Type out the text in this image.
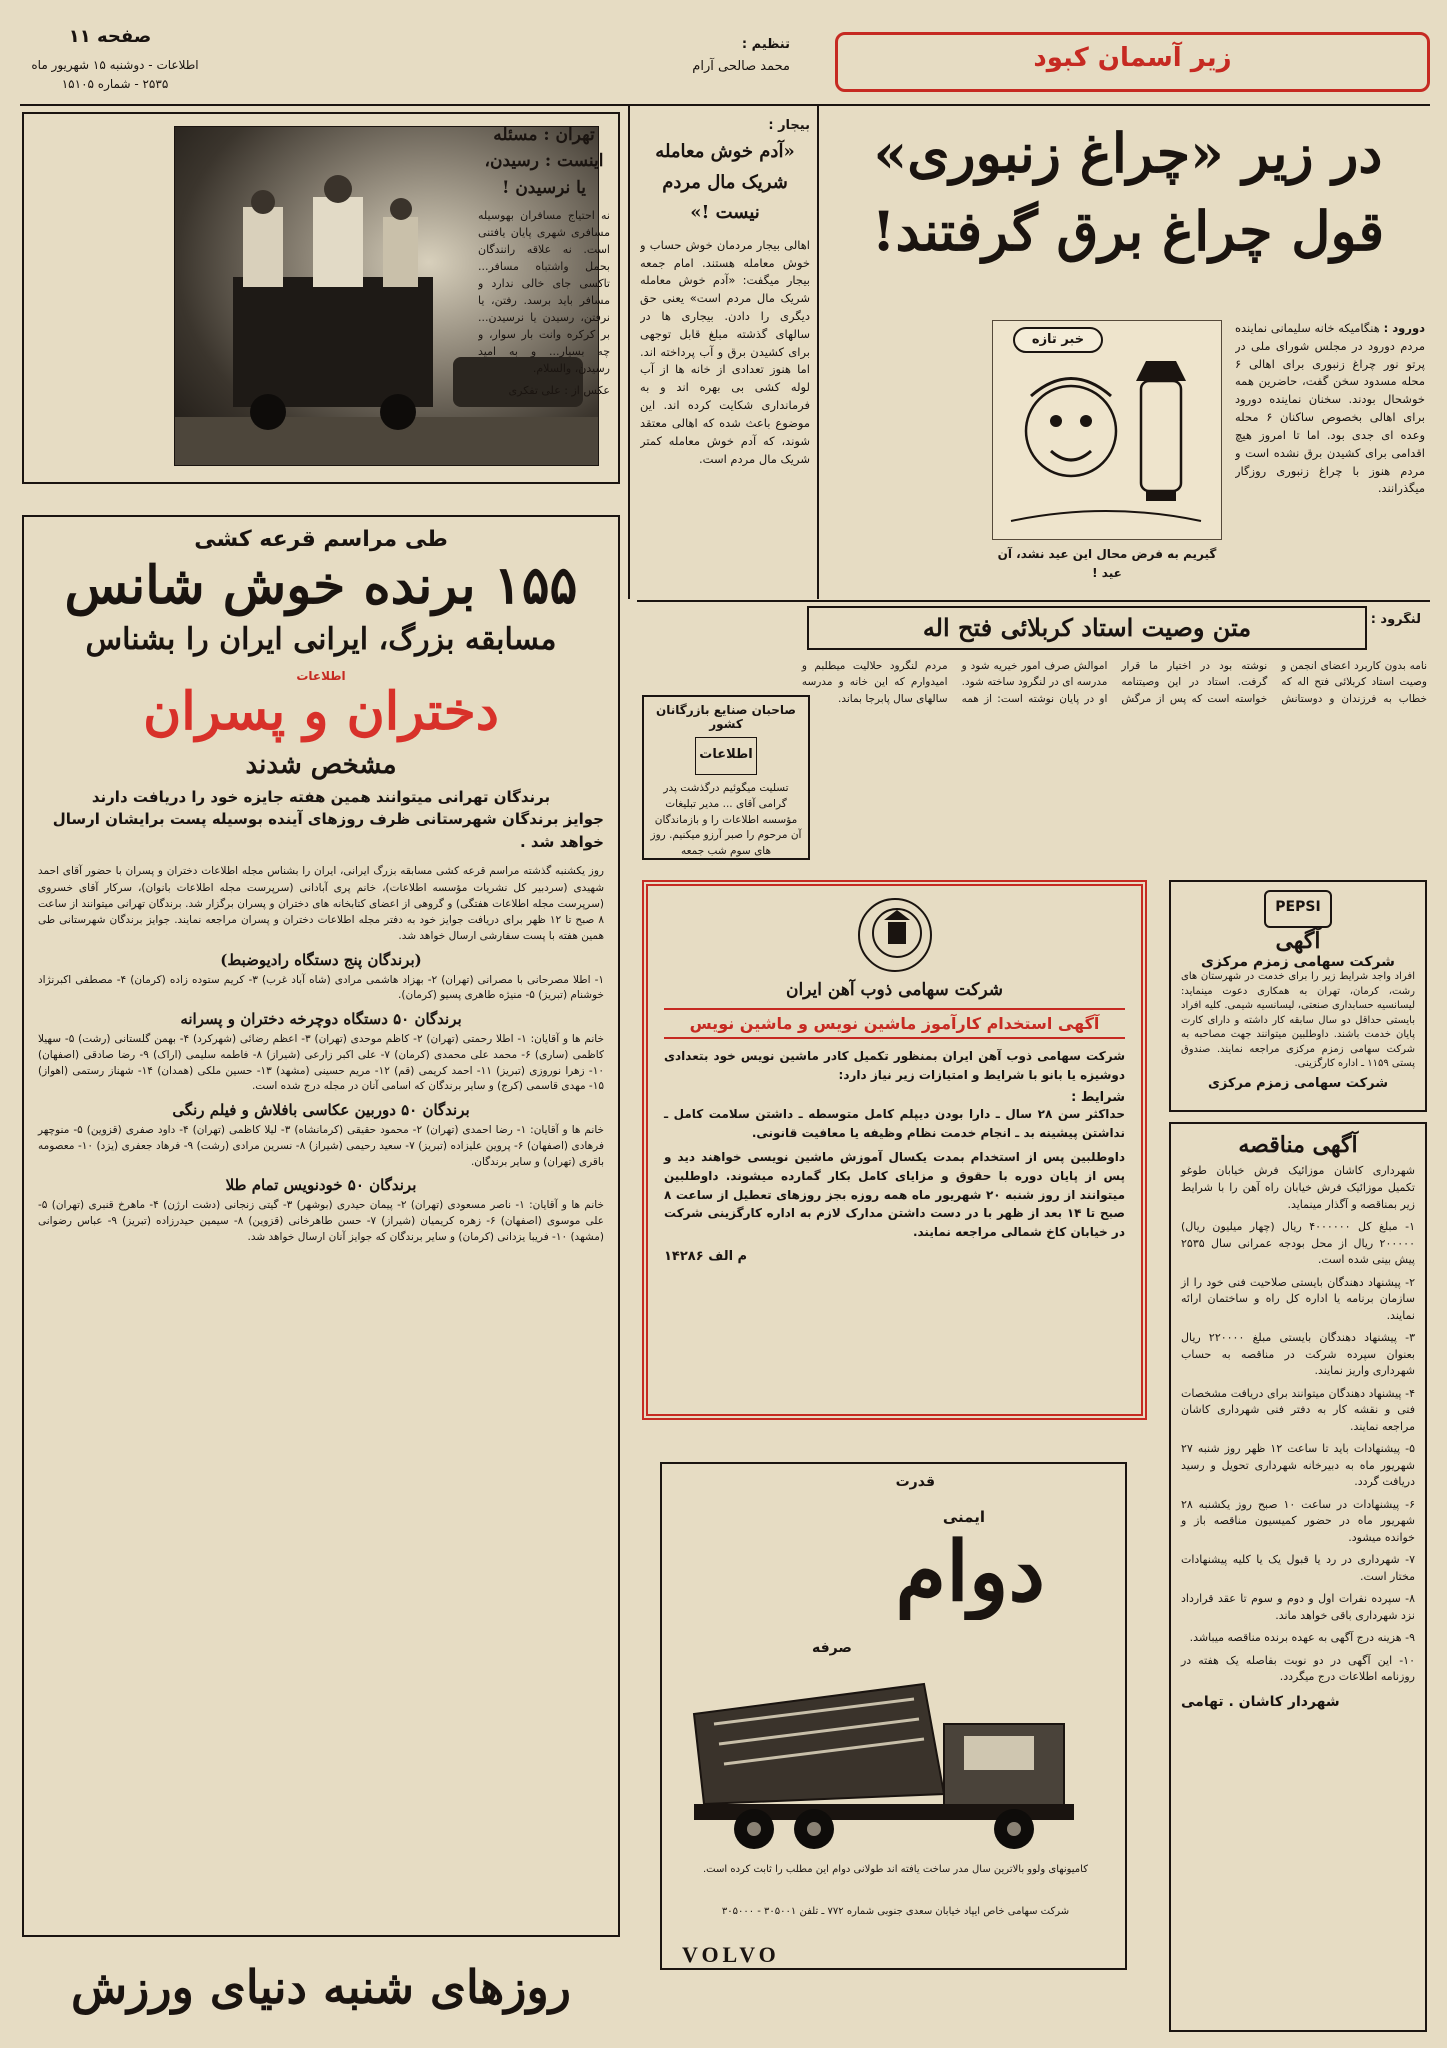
صفحه ۱۱
اطلاعات - دوشنبه ۱۵ شهریور ماه ۲۵۳۵ - شماره ۱۵۱۰۵
تنظیم :
محمد صالحی آرام	زیر آسمان کبود
در زیر «چراغ زنبوری»
قول چراغ برق گرفتند!
دورود : هنگامیکه خانه سلیمانی نماینده مردم دورود در مجلس شورای ملی در پرتو نور چراغ زنبوری برای اهالی ۶ محله مسدود سخن گفت، حاضرین همه خوشحال بودند. سخنان نماینده دورود برای اهالی بخصوص ساکنان ۶ محله وعده ای جدی بود. اما تا امروز هیچ اقدامی برای کشیدن برق نشده است و مردم هنوز با چراغ زنبوری روزگار میگذرانند.
خبر تازه
گیریم به فرض محال این عید نشد، آن عید !
بیجار :
«آدم خوش معامله شریک مال مردم نیست !»

اهالی بیجار مردمان خوش حساب و خوش معامله هستند. امام جمعه بیجار میگفت: «آدم خوش معامله شریک مال مردم است» یعنی حق دیگری را دادن. بیجاری ها در سالهای گذشته مبلغ قابل توجهی برای کشیدن برق و آب پرداخته اند. اما هنوز تعدادی از خانه ها از آب لوله کشی بی بهره اند و به فرمانداری شکایت کرده اند. این موضوع باعث شده که اهالی معتقد شوند، که آدم خوش معامله کمتر شریک مال مردم است.

تهران : مسئله اینست : رسیدن، یا نرسیدن !

نه احتیاج مسافران بهوسیله مسافری شهری پایان یافتنی است. نه علاقه رانندگان بحمل واشتباه مسافر... تاکسی جای خالی ندارد و مسافر باید برسد. رفتن، یا نرفتن، رسیدن یا نرسیدن... بر کرکره وانت بار سوار، و چه بسیار... و به امید رسیدن، والسلام.

عکس از : علی تفکری

لنگرود :
متن وصیت استاد کربلائی فتح اله
نامه بدون کاربرد اعضای انجمن و وصیت استاد کربلائی فتح اله که خطاب به فرزندان و دوستانش نوشته بود در اختیار ما قرار گرفت. استاد در این وصیتنامه خواسته است که پس از مرگش اموالش صرف امور خیریه شود و مدرسه ای در لنگرود ساخته شود. او در پایان نوشته است: از همه مردم لنگرود حلالیت میطلبم و امیدوارم که این خانه و مدرسه سالهای سال پابرجا بماند.
صاحبان صنایع بازرگانان کشور
اطلاعات

تسلیت میگوئیم درگذشت پدر گرامی آقای ... مدیر تبلیغات مؤسسه اطلاعات را و بازماندگان آن مرحوم را صبر آرزو میکنیم. روز های سوم شب جمعه

طی مراسم قرعه کشی
۱۵۵ برنده خوش شانس
مسابقه بزرگ، ایرانی ایران را بشناس
اطلاعات
دختران و پسران
مشخص شدند

برندگان تهرانی میتوانند همین هفته جایزه خود را دریافت دارند

جوایز برندگان شهرستانی ظرف روزهای آینده بوسیله پست برایشان ارسال خواهد شد .

روز یکشنبه گذشته مراسم قرعه کشی مسابقه بزرگ ایرانی، ایران را بشناس مجله اطلاعات دختران و پسران با حضور آقای احمد شهیدی (سردبیر کل نشریات مؤسسه اطلاعات)، خانم پری آبادانی (سرپرست مجله اطلاعات بانوان)، سرکار آقای خسروی (سرپرست مجله اطلاعات هفتگی) و گروهی از اعضای کتابخانه های دختران و پسران برگزار شد. برندگان تهرانی میتوانند از ساعت ۸ صبح تا ۱۲ ظهر برای دریافت جوایز خود به دفتر مجله اطلاعات دختران و پسران مراجعه نمایند. جوایز برندگان شهرستانی طی همین هفته با پست سفارشی ارسال خواهد شد.

(برندگان پنج دستگاه رادیوضبط)

۱- اطلا مصرحانی با مصرانی (تهران) ۲- بهزاد هاشمی مرادی (شاه آباد غرب) ۳- کریم ستوده زاده (کرمان) ۴- مصطفی اکبرنژاد خوشنام (تبریز) ۵- منیژه طاهری پسیو (کرمان).

برندگان ۵۰ دستگاه دوچرخه دختران و پسرانه

خانم ها و آقایان: ۱- اطلا رحمتی (تهران) ۲- کاظم موحدی (تهران) ۳- اعظم رضائی (شهرکرد) ۴- بهمن گلستانی (رشت) ۵- سهیلا کاظمی (ساری) ۶- محمد علی محمدی (کرمان) ۷- علی اکبر زارعی (شیراز) ۸- فاطمه سلیمی (اراک) ۹- رضا صادقی (اصفهان) ۱۰- زهرا نوروزی (تبریز) ۱۱- احمد کریمی (قم) ۱۲- مریم حسینی (مشهد) ۱۳- حسین ملکی (همدان) ۱۴- شهناز رستمی (اهواز) ۱۵- مهدی قاسمی (کرج) و سایر برندگان که اسامی آنان در مجله درج شده است.

برندگان ۵۰ دوربین عکاسی بافلاش و فیلم رنگی

خانم ها و آقایان: ۱- رضا احمدی (تهران) ۲- محمود حقیقی (کرمانشاه) ۳- لیلا کاظمی (تهران) ۴- داود صفری (قزوین) ۵- منوچهر فرهادی (اصفهان) ۶- پروین علیزاده (تبریز) ۷- سعید رحیمی (شیراز) ۸- نسرین مرادی (رشت) ۹- فرهاد جعفری (یزد) ۱۰- معصومه باقری (تهران) و سایر برندگان.

برندگان ۵۰ خودنویس تمام طلا

خانم ها و آقایان: ۱- ناصر مسعودی (تهران) ۲- پیمان حیدری (بوشهر) ۳- گیتی زنجانی (دشت ارژن) ۴- ماهرخ قنبری (تهران) ۵- علی موسوی (اصفهان) ۶- زهره کریمیان (شیراز) ۷- حسن طاهرخانی (قزوین) ۸- سیمین حیدرزاده (تبریز) ۹- عباس رضوانی (مشهد) ۱۰- فریبا یزدانی (کرمان) و سایر برندگان که جوایز آنان ارسال خواهد شد.

روزهای شنبه دنیای ورزش
PEPSI
آگهی
شرکت سهامی زمزم مرکزی

افراد واجد شرایط زیر را برای خدمت در شهرستان های رشت، کرمان، تهران به همکاری دعوت مینماید: لیسانسیه حسابداری صنعتی، لیسانسیه شیمی. کلیه افراد بایستی حداقل دو سال سابقه کار داشته و دارای کارت پایان خدمت باشند. داوطلبین میتوانند جهت مصاحبه به شرکت سهامی زمزم مرکزی مراجعه نمایند. صندوق پستی ۱۱۵۹ ـ اداره کارگزینی.

شرکت سهامی زمزم مرکزی
آگهی مناقصه

شهرداری کاشان موزائیک فرش خیابان طوغو تکمیل موزائیک فرش خیابان راه آهن را با شرایط زیر بمناقصه و آگذار مینماید.

۱- مبلغ کل ۴۰۰۰۰۰۰ ریال (چهار میلیون ریال) ۲۰۰۰۰۰ ریال از محل بودجه عمرانی سال ۲۵۳۵ پیش بینی شده است.
۲- پیشنهاد دهندگان بایستی صلاحیت فنی خود را از سازمان برنامه یا اداره کل راه و ساختمان ارائه نمایند.
۳- پیشنهاد دهندگان بایستی مبلغ ۲۲۰۰۰۰ ریال بعنوان سپرده شرکت در مناقصه به حساب شهرداری واریز نمایند.
۴- پیشنهاد دهندگان میتوانند برای دریافت مشخصات فنی و نقشه کار به دفتر فنی شهرداری کاشان مراجعه نمایند.
۵- پیشنهادات باید تا ساعت ۱۲ ظهر روز شنبه ۲۷ شهریور ماه به دبیرخانه شهرداری تحویل و رسید دریافت گردد.
۶- پیشنهادات در ساعت ۱۰ صبح روز یکشنبه ۲۸ شهریور ماه در حضور کمیسیون مناقصه باز و خوانده میشود.
۷- شهرداری در رد یا قبول یک یا کلیه پیشنهادات مختار است.
۸- سپرده نفرات اول و دوم و سوم تا عقد قرارداد نزد شهرداری باقی خواهد ماند.
۹- هزینه درج آگهی به عهده برنده مناقصه میباشد.
۱۰- این آگهی در دو نوبت بفاصله یک هفته در روزنامه اطلاعات درج میگردد.
شهردار کاشان . تهامی
شرکت سهامی ذوب آهن ایران
آگهی استخدام کارآموز ماشین نویس و ماشین نویس

شرکت سهامی ذوب آهن ایران بمنظور تکمیل کادر ماشین نویس خود بتعدادی دوشیزه یا بانو با شرایط و امتیازات زیر نیاز دارد:

شرایط :

حداکثر سن ۲۸ سال ـ دارا بودن دیپلم کامل متوسطه ـ داشتن سلامت کامل ـ نداشتن پیشینه بد ـ انجام خدمت نظام وظیفه یا معافیت قانونی.

داوطلبین پس از استخدام بمدت یکسال آموزش ماشین نویسی خواهند دید و پس از پایان دوره با حقوق و مزایای کامل بکار گمارده میشوند. داوطلبین میتوانند از روز شنبه ۲۰ شهریور ماه همه روزه بجز روزهای تعطیل از ساعت ۸ صبح تا ۱۴ بعد از ظهر با در دست داشتن مدارک لازم به اداره کارگزینی شرکت در خیابان کاخ شمالی مراجعه نمایند.

م الف ۱۴۲۸۶
قدرت
ایمنی
دوام
صرفه
کامیونهای ولوو بالاترین سال مدر ساخت یافته اند طولانی دوام این مطلب را ثابت کرده است.
شرکت سهامی خاص ایپاد خیابان سعدی جنوبی شماره ۷۷۲ ـ تلفن ۳۰۵۰۰۱ - ۳۰۵۰۰۰
VOLVO
